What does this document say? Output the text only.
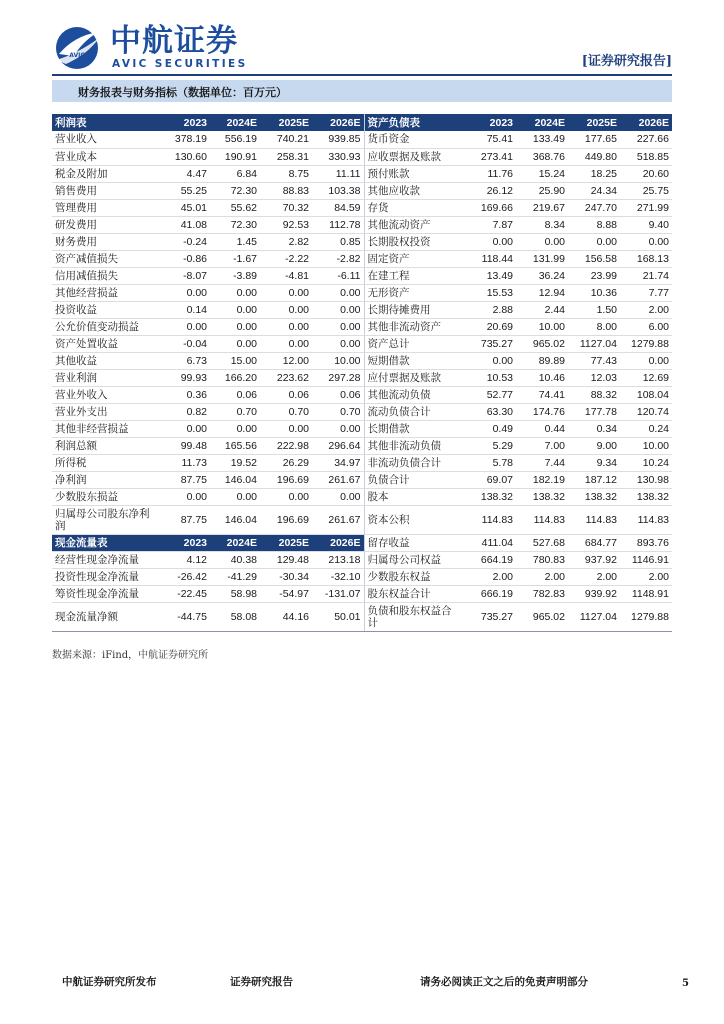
AVIC 中航证券
AVIC SECURITIES	[证券研究报告]
财务报表与财务指标（数据单位：百万元）
利润表	2023	2024E	2025E	2026E	资产负债表	2023	2024E	2025E	2026E
营业收入	378.19	556.19	740.21	939.85	货币资金	75.41	133.49	177.65	227.66
营业成本	130.60	190.91	258.31	330.93	应收票据及账款	273.41	368.76	449.80	518.85
税金及附加	4.47	6.84	8.75	11.11	预付账款	11.76	15.24	18.25	20.60
销售费用	55.25	72.30	88.83	103.38	其他应收款	26.12	25.90	24.34	25.75
管理费用	45.01	55.62	70.32	84.59	存货	169.66	219.67	247.70	271.99
研发费用	41.08	72.30	92.53	112.78	其他流动资产	7.87	8.34	8.88	9.40
财务费用	-0.24	1.45	2.82	0.85	长期股权投资	0.00	0.00	0.00	0.00
资产减值损失	-0.86	-1.67	-2.22	-2.82	固定资产	118.44	131.99	156.58	168.13
信用减值损失	-8.07	-3.89	-4.81	-6.11	在建工程	13.49	36.24	23.99	21.74
其他经营损益	0.00	0.00	0.00	0.00	无形资产	15.53	12.94	10.36	7.77
投资收益	0.14	0.00	0.00	0.00	长期待摊费用	2.88	2.44	1.50	2.00
公允价值变动损益	0.00	0.00	0.00	0.00	其他非流动资产	20.69	10.00	8.00	6.00
资产处置收益	-0.04	0.00	0.00	0.00	资产总计	735.27	965.02	1127.04	1279.88
其他收益	6.73	15.00	12.00	10.00	短期借款	0.00	89.89	77.43	0.00
营业利润	99.93	166.20	223.62	297.28	应付票据及账款	10.53	10.46	12.03	12.69
营业外收入	0.36	0.06	0.06	0.06	其他流动负债	52.77	74.41	88.32	108.04
营业外支出	0.82	0.70	0.70	0.70	流动负债合计	63.30	174.76	177.78	120.74
其他非经营损益	0.00	0.00	0.00	0.00	长期借款	0.49	0.44	0.34	0.24
利润总额	99.48	165.56	222.98	296.64	其他非流动负债	5.29	7.00	9.00	10.00
所得税	11.73	19.52	26.29	34.97	非流动负债合计	5.78	7.44	9.34	10.24
净利润	87.75	146.04	196.69	261.67	负债合计	69.07	182.19	187.12	130.98
少数股东损益	0.00	0.00	0.00	0.00	股本	138.32	138.32	138.32	138.32
归属母公司股东净利润	87.75	146.04	196.69	261.67	资本公积	114.83	114.83	114.83	114.83
现金流量表	2023	2024E	2025E	2026E	留存收益	411.04	527.68	684.77	893.76
经营性现金净流量	4.12	40.38	129.48	213.18	归属母公司权益	664.19	780.83	937.92	1146.91
投资性现金净流量	-26.42	-41.29	-30.34	-32.10	少数股东权益	2.00	2.00	2.00	2.00
筹资性现金净流量	-22.45	58.98	-54.97	-131.07	股东权益合计	666.19	782.83	939.92	1148.91
现金流量净额	-44.75	58.08	44.16	50.01	负债和股东权益合计	735.27	965.02	1127.04	1279.88
数据来源：iFind，中航证券研究所
中航证券研究所发布	证券研究报告	请务必阅读正文之后的免责声明部分	5
